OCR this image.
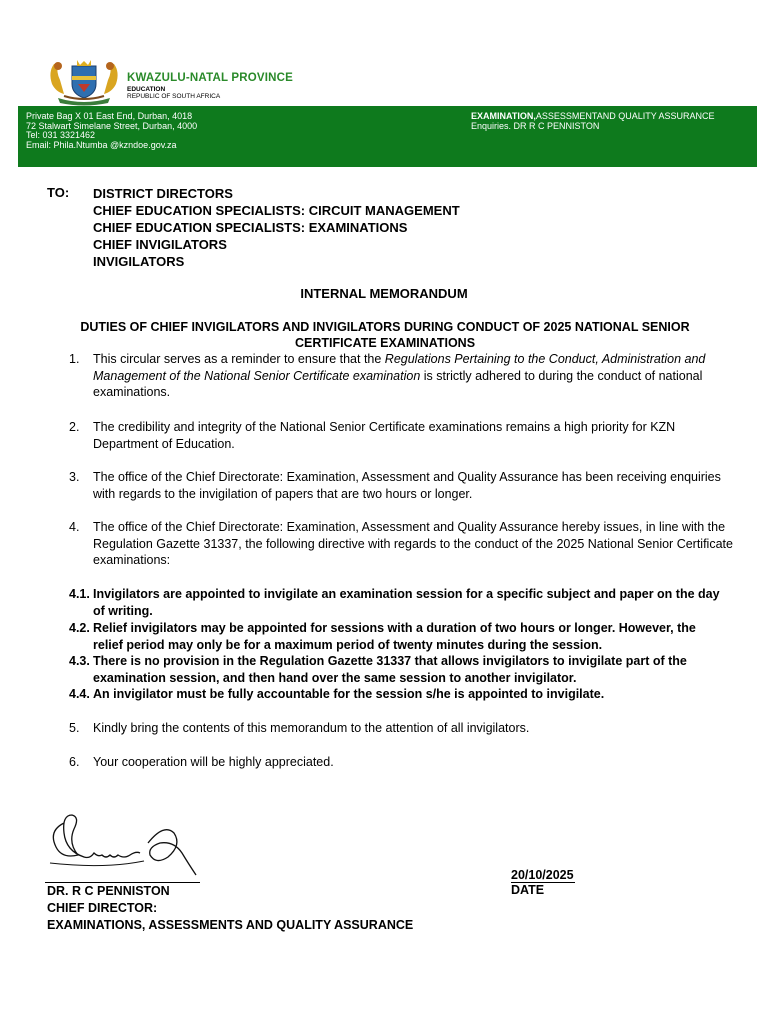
KWAZULU-NATAL PROVINCE
EDUCATION
REPUBLIC OF SOUTH AFRICA
Private Bag X 01 East End, Durban, 4018
72 Stalwart Simelane Street, Durban, 4000
Tel: 031 3321462
Email: Phila.Ntumba @kzndoe.gov.za
EXAMINATION,ASSESSMENTAND QUALITY ASSURANCE
Enquiries. DR R C PENNISTON
TO: DISTRICT DIRECTORS
CHIEF EDUCATION SPECIALISTS: CIRCUIT MANAGEMENT
CHIEF EDUCATION SPECIALISTS: EXAMINATIONS
CHIEF INVIGILATORS
INVIGILATORS
INTERNAL MEMORANDUM
DUTIES OF CHIEF INVIGILATORS AND INVIGILATORS DURING CONDUCT OF 2025 NATIONAL SENIOR CERTIFICATE EXAMINATIONS
1. This circular serves as a reminder to ensure that the Regulations Pertaining to the Conduct, Administration and Management of the National Senior Certificate examination is strictly adhered to during the conduct of national examinations.
2. The credibility and integrity of the National Senior Certificate examinations remains a high priority for KZN Department of Education.
3. The office of the Chief Directorate: Examination, Assessment and Quality Assurance has been receiving enquiries with regards to the invigilation of papers that are two hours or longer.
4. The office of the Chief Directorate: Examination, Assessment and Quality Assurance hereby issues, in line with the Regulation Gazette 31337, the following directive with regards to the conduct of the 2025 National Senior Certificate examinations:
4.1. Invigilators are appointed to invigilate an examination session for a specific subject and paper on the day of writing.
4.2. Relief invigilators may be appointed for sessions with a duration of two hours or longer. However, the relief period may only be for a maximum period of twenty minutes during the session.
4.3. There is no provision in the Regulation Gazette 31337 that allows invigilators to invigilate part of the examination session, and then hand over the same session to another invigilator.
4.4. An invigilator must be fully accountable for the session s/he is appointed to invigilate.
5. Kindly bring the contents of this memorandum to the attention of all invigilators.
6. Your cooperation will be highly appreciated.
DR. R C PENNISTON
CHIEF DIRECTOR:
EXAMINATIONS, ASSESSMENTS AND QUALITY ASSURANCE
20/10/2025
DATE
